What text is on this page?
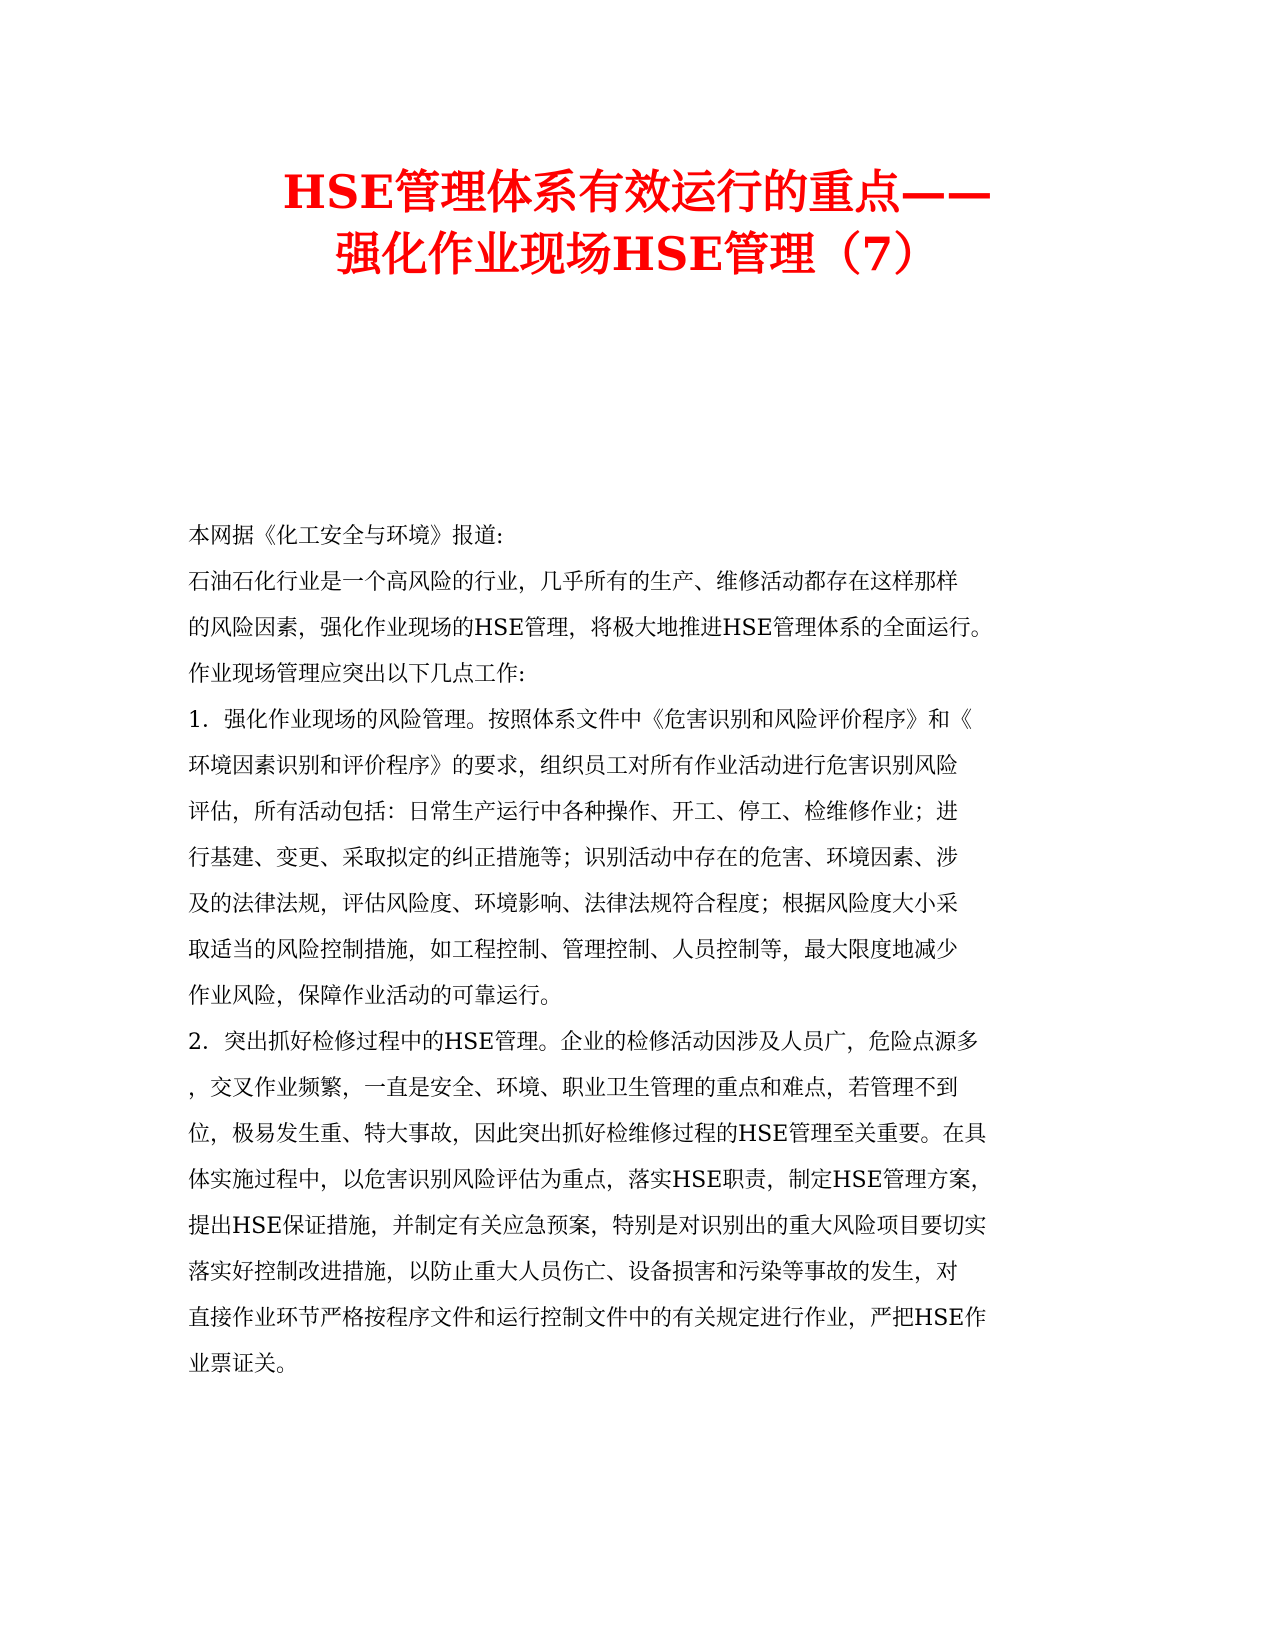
HSE管理体系有效运行的重点——
强化作业现场HSE管理（7）
本网据《化工安全与环境》报道:
石油石化行业是一个高风险的行业，几乎所有的生产、维修活动都存在这样那样
的风险因素，强化作业现场的HSE管理，将极大地推进HSE管理体系的全面运行。
作业现场管理应突出以下几点工作:
1．强化作业现场的风险管理。按照体系文件中《危害识别和风险评价程序》和《
环境因素识别和评价程序》的要求，组织员工对所有作业活动进行危害识别风险
评估，所有活动包括：日常生产运行中各种操作、开工、停工、检维修作业；进
行基建、变更、采取拟定的纠正措施等；识别活动中存在的危害、环境因素、涉
及的法律法规，评估风险度、环境影响、法律法规符合程度；根据风险度大小采
取适当的风险控制措施，如工程控制、管理控制、人员控制等，最大限度地减少
作业风险，保障作业活动的可靠运行。
2．突出抓好检修过程中的HSE管理。企业的检修活动因涉及人员广，危险点源多
，交叉作业频繁，一直是安全、环境、职业卫生管理的重点和难点，若管理不到
位，极易发生重、特大事故，因此突出抓好检维修过程的HSE管理至关重要。在具
体实施过程中，以危害识别风险评估为重点，落实HSE职责，制定HSE管理方案，
提出HSE保证措施，并制定有关应急预案，特别是对识别出的重大风险项目要切实
落实好控制改进措施，以防止重大人员伤亡、设备损害和污染等事故的发生，对
直接作业环节严格按程序文件和运行控制文件中的有关规定进行作业，严把HSE作
业票证关。
